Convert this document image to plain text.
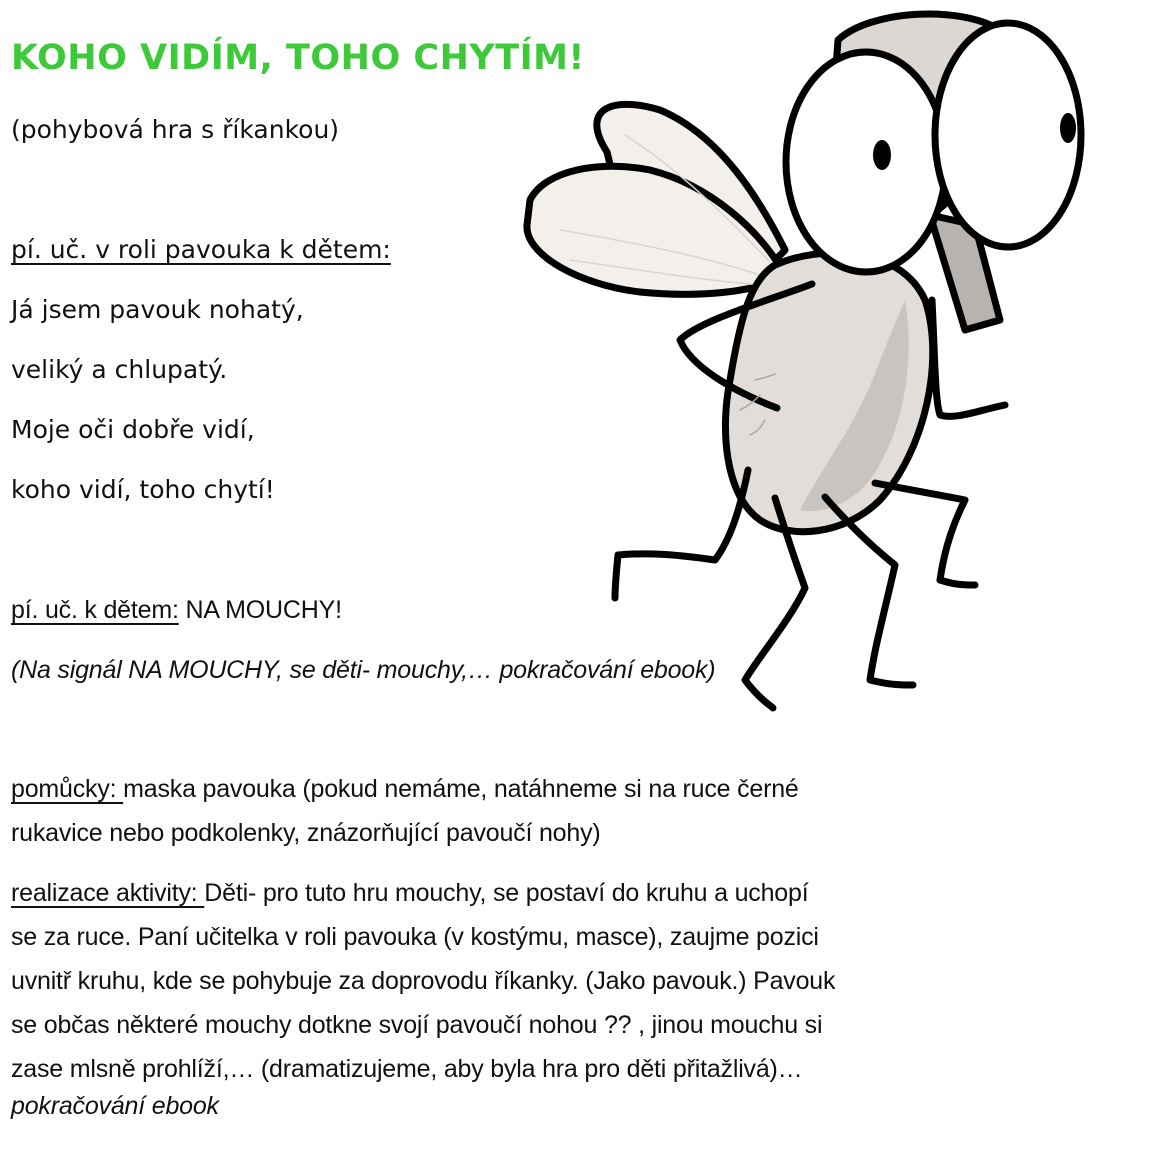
KOHO VIDÍM, TOHO CHYTÍM!
(pohybová hra s říkankou)
pí. uč. v roli pavouka k dětem:
Já jsem pavouk nohatý,
veliký a chlupatý.
Moje oči dobře vidí,
koho vidí, toho chytí!
pí. uč. k dětem: NA MOUCHY!
(Na signál NA MOUCHY, se děti- mouchy,… pokračování ebook)
pomůcky: maska pavouka (pokud nemáme, natáhneme si na ruce černé
rukavice nebo podkolenky, znázorňující pavoučí nohy)
realizace aktivity: Děti- pro tuto hru mouchy, se postaví do kruhu a uchopí
se za ruce. Paní učitelka v roli pavouka (v kostýmu, masce), zaujme pozici
uvnitř kruhu, kde se pohybuje za doprovodu říkanky. (Jako pavouk.) Pavouk
se občas některé mouchy dotkne svojí pavoučí nohou ?? , jinou mouchu si
zase mlsně prohlíží,… (dramatizujeme, aby byla hra pro děti přitažlivá)…
pokračování ebook
